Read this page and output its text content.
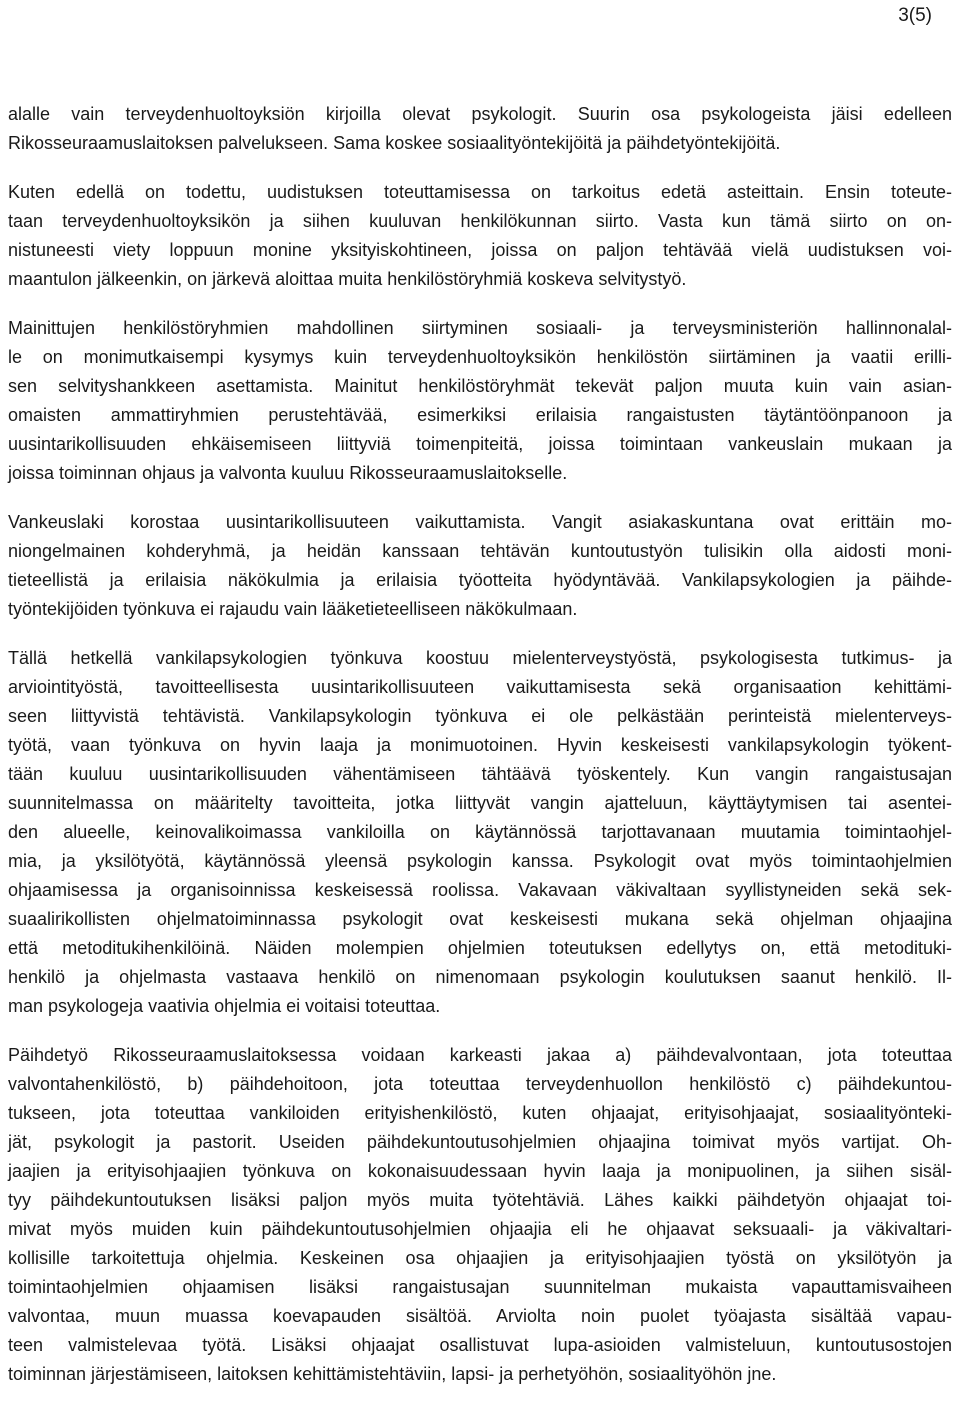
3(5)
alalle vain terveydenhuoltoyksiön kirjoilla olevat psykologit. Suurin osa psykologeista jäisi edelleen
Rikosseuraamuslaitoksen palvelukseen. Sama koskee sosiaalityöntekijöitä ja päihdetyöntekijöitä.
Kuten edellä on todettu, uudistuksen toteuttamisessa on tarkoitus edetä asteittain. Ensin toteute-
taan terveydenhuoltoyksikön ja siihen kuuluvan henkilökunnan siirto. Vasta kun tämä siirto on on-
nistuneesti viety loppuun monine yksityiskohtineen, joissa on paljon tehtävää vielä uudistuksen voi-
maantulon jälkeenkin, on järkevä aloittaa muita henkilöstöryhmiä koskeva selvitystyö.
Mainittujen henkilöstöryhmien mahdollinen siirtyminen sosiaali- ja terveysministeriön hallinnonalal-
le on monimutkaisempi kysymys kuin terveydenhuoltoyksikön henkilöstön siirtäminen ja vaatii erilli-
sen selvityshankkeen asettamista. Mainitut henkilöstöryhmät tekevät paljon muuta kuin vain asian-
omaisten ammattiryhmien perustehtävää, esimerkiksi erilaisia rangaistusten täytäntöönpanoon ja
uusintarikollisuuden ehkäisemiseen liittyviä toimenpiteitä, joissa toimintaan vankeuslain mukaan ja
joissa toiminnan ohjaus ja valvonta kuuluu Rikosseuraamuslaitokselle.
Vankeuslaki korostaa uusintarikollisuuteen vaikuttamista. Vangit asiakaskuntana ovat erittäin mo-
niongelmainen kohderyhmä, ja heidän kanssaan tehtävän kuntoutustyön tulisikin olla aidosti moni-
tieteellistä ja erilaisia näkökulmia ja erilaisia työotteita hyödyntävää. Vankilapsykologien ja päihde-
työntekijöiden työnkuva ei rajaudu vain lääketieteelliseen näkökulmaan.
Tällä hetkellä vankilapsykologien työnkuva koostuu mielenterveystyöstä, psykologisesta tutkimus- ja
arviointityöstä, tavoitteellisesta uusintarikollisuuteen vaikuttamisesta sekä organisaation kehittämi-
seen liittyvistä tehtävistä. Vankilapsykologin työnkuva ei ole pelkästään perinteistä mielenterveys-
työtä, vaan työnkuva on hyvin laaja ja monimuotoinen. Hyvin keskeisesti vankilapsykologin työkent-
tään kuuluu uusintarikollisuuden vähentämiseen tähtäävä työskentely. Kun vangin rangaistusajan
suunnitelmassa on määritelty tavoitteita, jotka liittyvät vangin ajatteluun, käyttäytymisen tai asentei-
den alueelle, keinovalikoimassa vankiloilla on käytännössä tarjottavanaan muutamia toimintaohjel-
mia, ja yksilötyötä, käytännössä yleensä psykologin kanssa. Psykologit ovat myös toimintaohjelmien
ohjaamisessa ja organisoinnissa keskeisessä roolissa. Vakavaan väkivaltaan syyllistyneiden sekä sek-
suaalirikollisten ohjelmatoiminnassa psykologit ovat keskeisesti mukana sekä ohjelman ohjaajina
että metoditukihenkilöinä. Näiden molempien ohjelmien toteutuksen edellytys on, että metodituki-
henkilö ja ohjelmasta vastaava henkilö on nimenomaan psykologin koulutuksen saanut henkilö. Il-
man psykologeja vaativia ohjelmia ei voitaisi toteuttaa.
Päihdetyö Rikosseuraamuslaitoksessa voidaan karkeasti jakaa a) päihdevalvontaan, jota toteuttaa
valvontahenkilöstö, b) päihdehoitoon, jota toteuttaa terveydenhuollon henkilöstö c) päihdekuntou-
tukseen, jota toteuttaa vankiloiden erityishenkilöstö, kuten ohjaajat, erityisohjaajat, sosiaalityönteki-
jät, psykologit ja pastorit. Useiden päihdekuntoutusohjelmien ohjaajina toimivat myös vartijat. Oh-
jaajien ja erityisohjaajien työnkuva on kokonaisuudessaan hyvin laaja ja monipuolinen, ja siihen sisäl-
tyy päihdekuntoutuksen lisäksi paljon myös muita työtehtäviä. Lähes kaikki päihdetyön ohjaajat toi-
mivat myös muiden kuin päihdekuntoutusohjelmien ohjaajia eli he ohjaavat seksuaali- ja väkivaltari-
kollisille tarkoitettuja ohjelmia. Keskeinen osa ohjaajien ja erityisohjaajien työstä on yksilötyön ja
toimintaohjelmien ohjaamisen lisäksi rangaistusajan suunnitelman mukaista vapauttamisvaiheen
valvontaa, muun muassa koevapauden sisältöä. Arviolta noin puolet työajasta sisältää vapau-
teen valmistelevaa työtä. Lisäksi ohjaajat osallistuvat lupa-asioiden valmisteluun, kuntoutusostojen
toiminnan järjestämiseen, laitoksen kehittämistehtäviin, lapsi- ja perhetyöhön, sosiaalityöhön jne.
